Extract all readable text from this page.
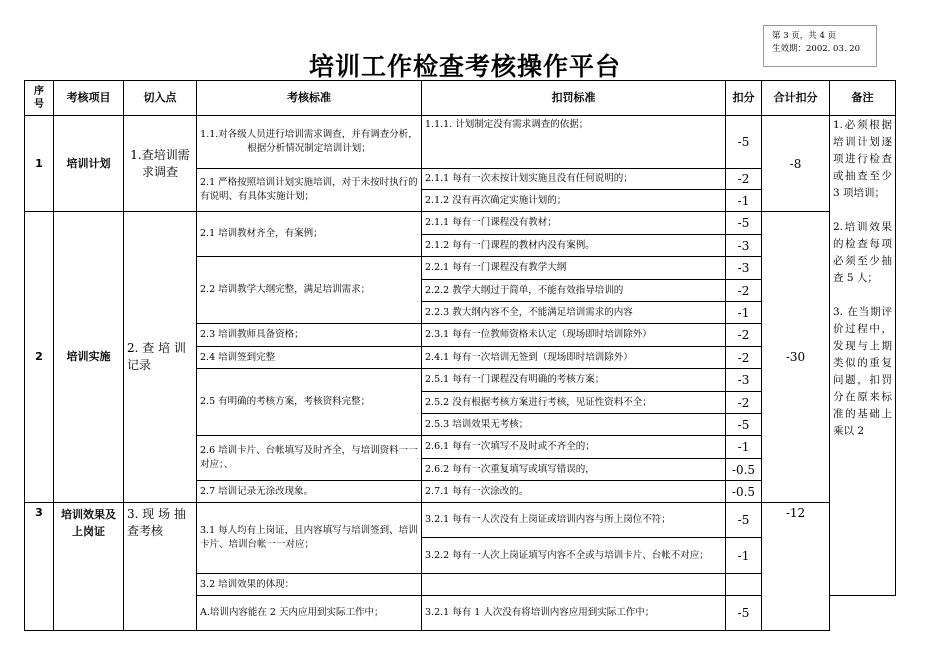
第 3 页，共 4 页
生效期：2002. 03. 20
培训工作检查考核操作平台
序号	考核项目	切入点	考核标准	扣罚标准	扣分	合计扣分	备注
1	培训计划	1.查培训需求调查	1.1.对各级人员进行培训需求调查，并有调查分析，根据分析情况制定培训计划；	1.1.1. 计划制定没有需求调查的依据；	-5	-8	1.必须根据培训计划逐项进行检查或抽查至少 3 项培训；
2.培训效果的检查每项必须至少抽查 5 人；
3. 在当期评价过程中，发现与上期类似的重复问题，扣罚分在原来标准的基础上乘以 2

			2.1 严格按照培训计划实施培训，对于未按时执行的有说明、有具体实施计划；	2.1.1 每有一次未按计划实施且没有任何说明的；	-2		
				2.1.2 没有再次确定实施计划的；	-1		
2	培训实施	2. 查 培 训 记录	2.1 培训教材齐全，有案例；	2.1.1 每有一门课程没有教材；	-5	-30	
				2.1.2 每有一门课程的教材内没有案例。	-3		
			2.2 培训教学大纲完整，满足培训需求；	2.2.1 每有一门课程没有教学大纲	-3		
				2.2.2 教学大纲过于简单，不能有效指导培训的	-2		
				2.2.3 教大纲内容不全，不能满足培训需求的内容	-1		
			2.3 培训教师具备资格；	2.3.1 每有一位教师资格未认定（现场即时培训除外）	-2		
			2.4 培训签到完整	2.4.1 每有一次培训无签到（现场即时培训除外）	-2		
			2.5 有明确的考核方案，考核资料完整；	2.5.1 每有一门课程没有明确的考核方案；	-3		
				2.5.2 没有根据考核方案进行考核，见证性资料不全；	-2		
				2.5.3 培训效果无考核；	-5		
			2.6 培训卡片、台帐填写及时齐全，与培训资料一一对应；、	2.6.1 每有一次填写不及时或不齐全的；	-1		
				2.6.2 每有一次重复填写或填写错误的，	-0.5		
			2.7 培训记录无涂改现象。	2.7.1 每有一次涂改的。	-0.5		
3	培训效果及上岗证	3. 现 场 抽 查考核	3.1 每人均有上岗证，且内容填写与培训签到、培训卡片、培训台帐一一对应；	3.2.1 每有一人次没有上岗证或培训内容与所上岗位不符；	-5	-12	
				3.2.2 每有一人次上岗证填写内容不全或与培训卡片、台帐不对应；	-1		
			3.2 培训效果的体现：				
			A.培训内容能在 2 天内应用到实际工作中；	3.2.1 每有 1 人次没有将培训内容应用到实际工作中；	-5		
